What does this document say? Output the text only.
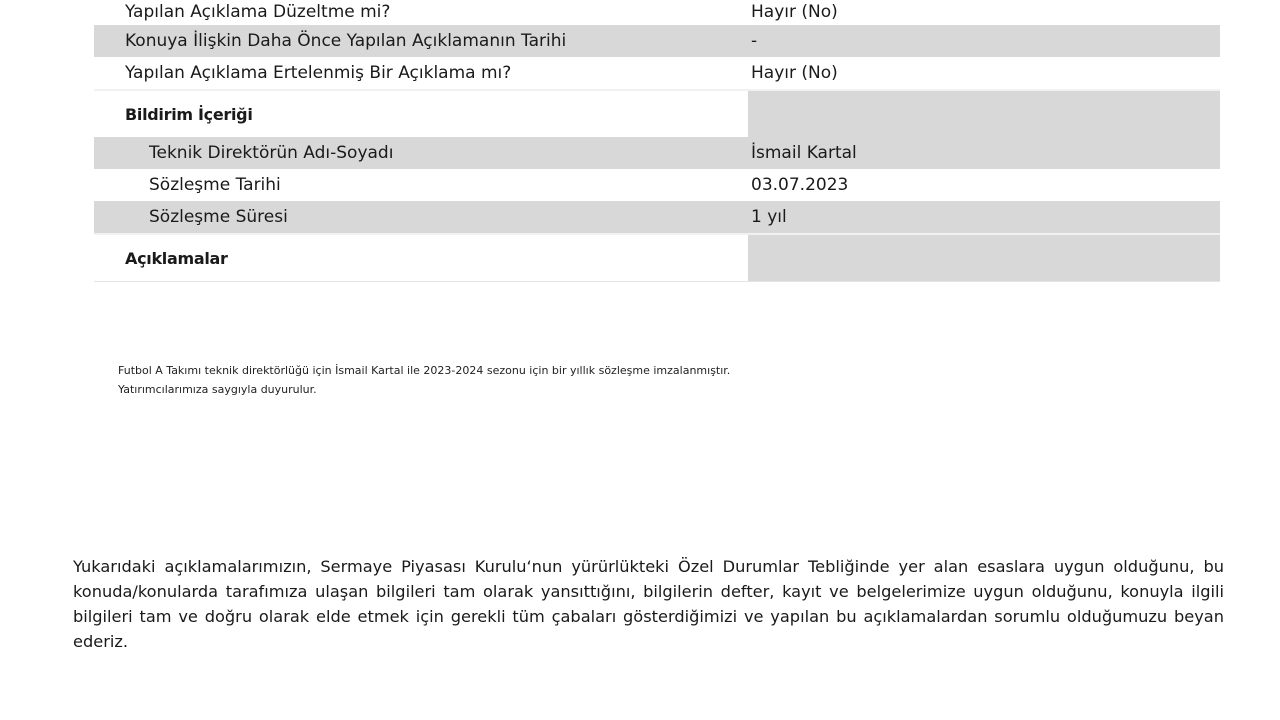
Yapılan Açıklama Düzeltme mi?	Hayır (No)
Konuya İlişkin Daha Önce Yapılan Açıklamanın Tarihi	-
Yapılan Açıklama Ertelenmiş Bir Açıklama mı?	Hayır (No)
Bildirim İçeriği
Teknik Direktörün Adı-Soyadı	İsmail Kartal
Sözleşme Tarihi	03.07.2023
Sözleşme Süresi	1 yıl
Açıklamalar
Futbol A Takımı teknik direktörlüğü için İsmail Kartal ile 2023-2024 sezonu için bir yıllık sözleşme imzalanmıştır.
Yatırımcılarımıza saygıyla duyurulur.
Yukarıdaki açıklamalarımızın, Sermaye Piyasası Kurulu‘nun yürürlükteki Özel Durumlar Tebliğinde yer alan esaslara uygun olduğunu, bu konuda/konularda tarafımıza ulaşan bilgileri tam olarak yansıttığını, bilgilerin defter, kayıt ve belgelerimize uygun olduğunu, konuyla ilgili bilgileri tam ve doğru olarak elde etmek için gerekli tüm çabaları gösterdiğimizi ve yapılan bu açıklamalardan sorumlu olduğumuzu beyan ederiz.
